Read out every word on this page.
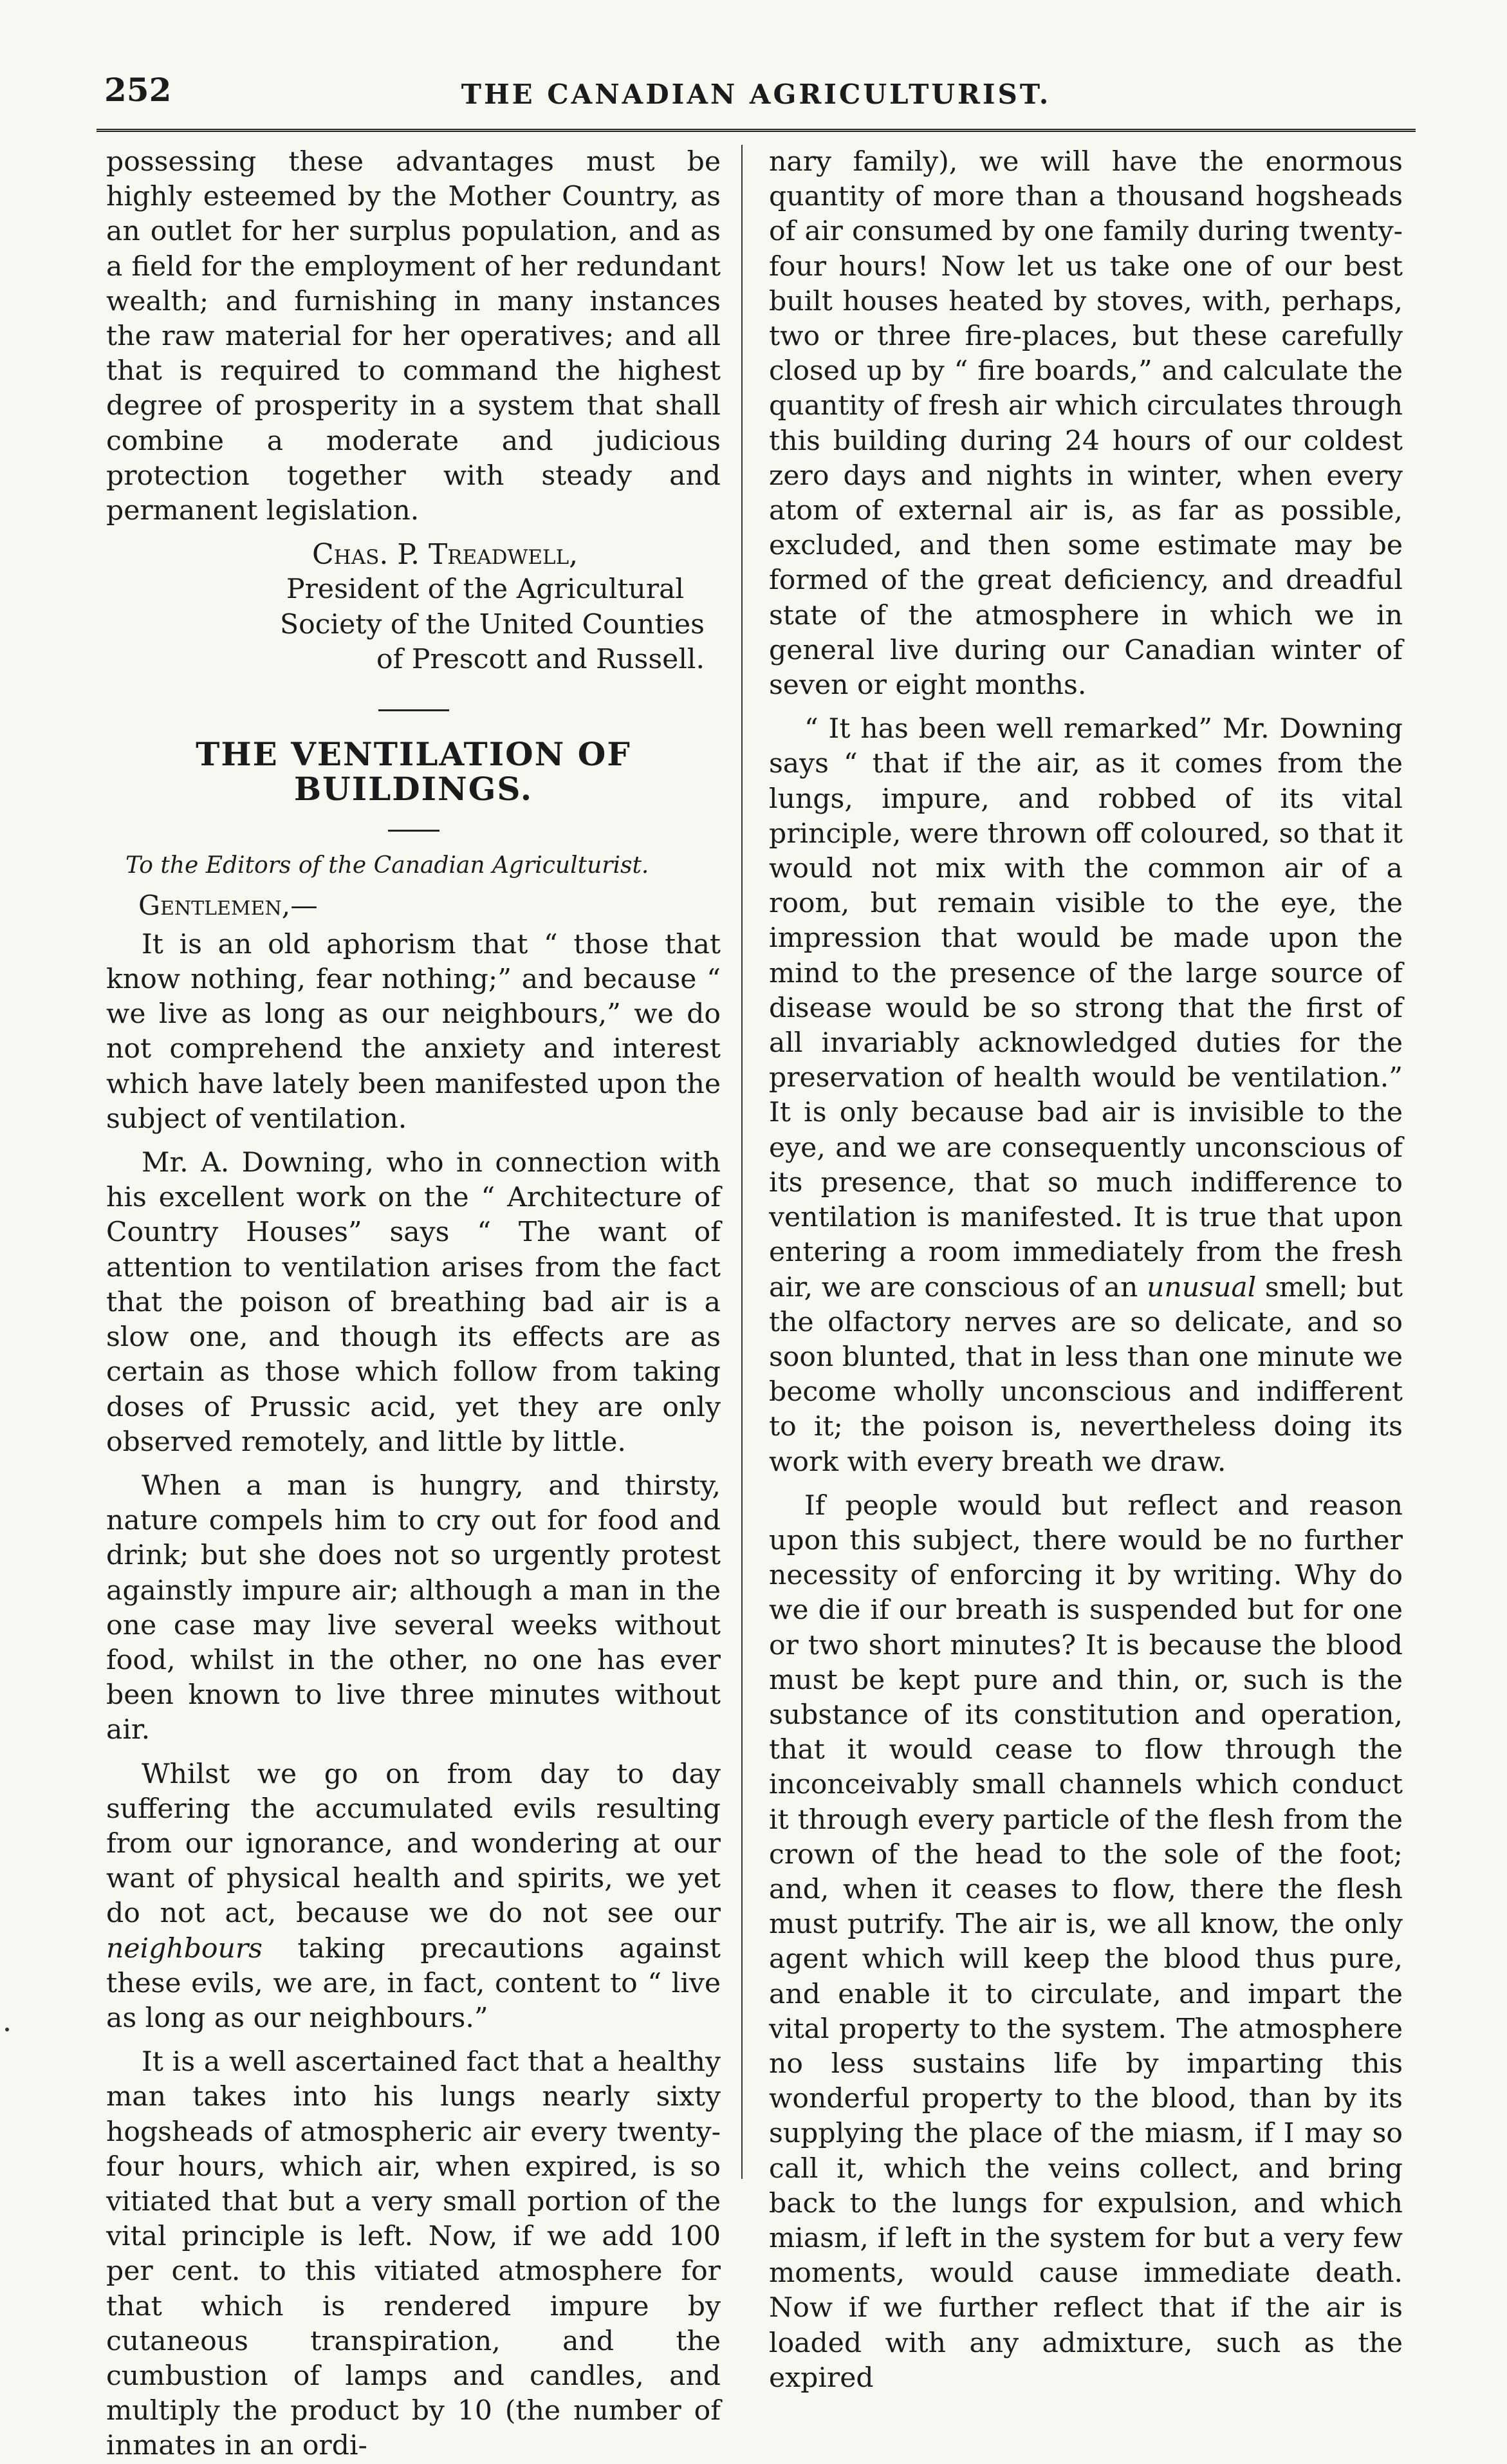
252	THE CANADIAN AGRICULTURIST.

possessing these advantages must be highly esteemed by the Mother Country, as an outlet for her surplus population, and as a field for the employment of her redundant wealth; and furnishing in many instances the raw material for her operatives; and all that is required to command the highest degree of prosperity in a system that shall combine a moderate and judicious protection together with steady and permanent legislation.

Chas. P. Treadwell,
President of the Agricultural
Society of the United Counties
of Prescott and Russell.
THE VENTILATION OF BUILDINGS.
To the Editors of the Canadian Agriculturist.
Gentlemen,—

It is an old aphorism that “ those that know nothing, fear nothing;” and because “ we live as long as our neighbours,” we do not comprehend the anxiety and interest which have lately been manifested upon the subject of ventilation.

Mr. A. Downing, who in connection with his excellent work on the “ Architecture of Country Houses” says “ The want of attention to ventilation arises from the fact that the poison of breathing bad air is a slow one, and though its effects are as certain as those which follow from taking doses of Prussic acid, yet they are only observed remotely, and little by little.

When a man is hungry, and thirsty, nature compels him to cry out for food and drink; but she does not so urgently protest againstly impure air; although a man in the one case may live several weeks without food, whilst in the other, no one has ever been known to live three minutes without air.

Whilst we go on from day to day suffering the accumulated evils resulting from our ignorance, and wondering at our want of physical health and spirits, we yet do not act, because we do not see our neighbours taking precautions against these evils, we are, in fact, content to “ live as long as our neighbours.”

It is a well ascertained fact that a healthy man takes into his lungs nearly sixty hogsheads of atmospheric air every twenty-four hours, which air, when expired, is so vitiated that but a very small portion of the vital principle is left. Now, if we add 100 per cent. to this vitiated atmosphere for that which is rendered impure by cutaneous transpiration, and the cumbustion of lamps and candles, and multiply the product by 10 (the number of inmates in an ordi-

nary family), we will have the enormous quantity of more than a thousand hogsheads of air consumed by one family during twenty-four hours! Now let us take one of our best built houses heated by stoves, with, perhaps, two or three fire-places, but these carefully closed up by “ fire boards,” and calculate the quantity of fresh air which circulates through this building during 24 hours of our coldest zero days and nights in winter, when every atom of external air is, as far as possible, excluded, and then some estimate may be formed of the great deficiency, and dreadful state of the atmosphere in which we in general live during our Canadian winter of seven or eight months.

“ It has been well remarked” Mr. Downing says “ that if the air, as it comes from the lungs, impure, and robbed of its vital principle, were thrown off coloured, so that it would not mix with the common air of a room, but remain visible to the eye, the impression that would be made upon the mind to the presence of the large source of disease would be so strong that the first of all invariably acknowledged duties for the preservation of health would be ventilation.” It is only because bad air is invisible to the eye, and we are consequently unconscious of its presence, that so much indifference to ventilation is manifested. It is true that upon entering a room immediately from the fresh air, we are conscious of an unusual smell; but the olfactory nerves are so delicate, and so soon blunted, that in less than one minute we become wholly unconscious and indifferent to it; the poison is, nevertheless doing its work with every breath we draw.

If people would but reflect and reason upon this subject, there would be no further necessity of enforcing it by writing. Why do we die if our breath is suspended but for one or two short minutes? It is because the blood must be kept pure and thin, or, such is the substance of its constitution and operation, that it would cease to flow through the inconceivably small channels which conduct it through every particle of the flesh from the crown of the head to the sole of the foot; and, when it ceases to flow, there the flesh must putrify. The air is, we all know, the only agent which will keep the blood thus pure, and enable it to circulate, and impart the vital property to the system. The atmosphere no less sustains life by imparting this wonderful property to the blood, than by its supplying the place of the miasm, if I may so call it, which the veins collect, and bring back to the lungs for expulsion, and which miasm, if left in the system for but a very few moments, would cause immediate death. Now if we further reflect that if the air is loaded with any admixture, such as the expired
